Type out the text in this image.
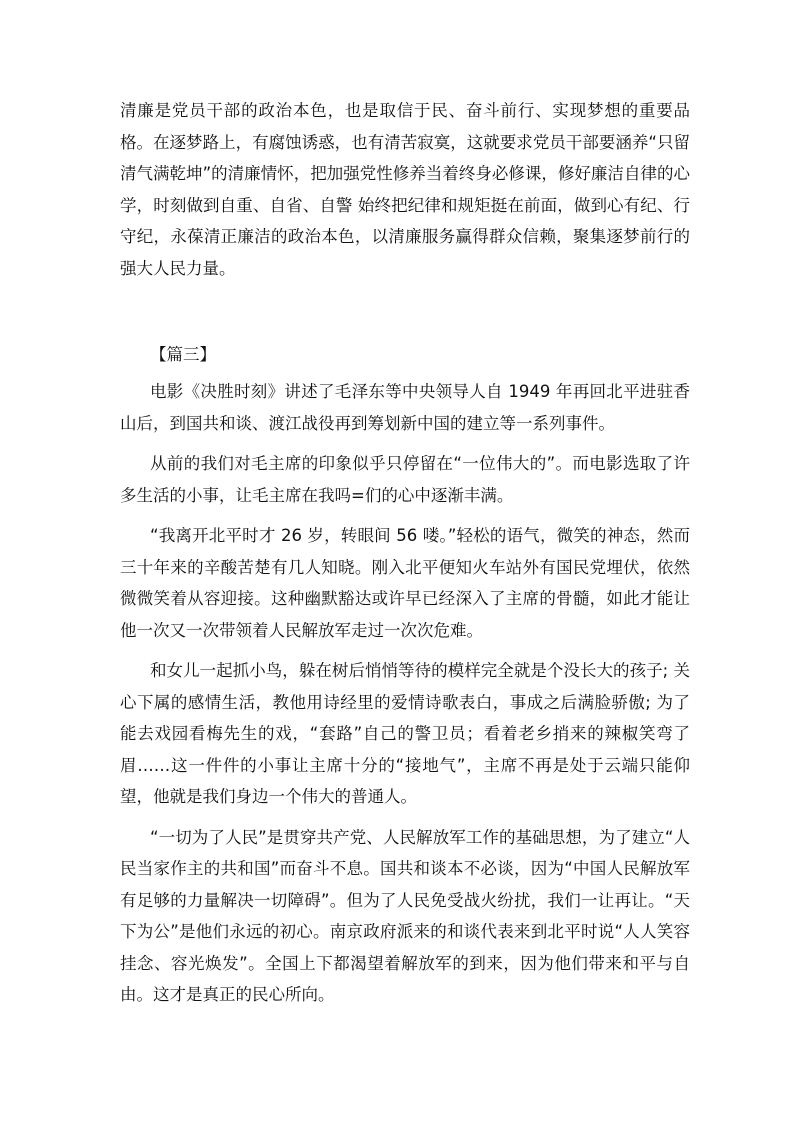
清廉是党员干部的政治本色，也是取信于民、奋斗前行、实现梦想的重要品格。在逐梦路上，有腐蚀诱惑，也有清苦寂寞，这就要求党员干部要涵养“只留清气满乾坤”的清廉情怀，把加强党性修养当着终身必修课，修好廉洁自律的心学，时刻做到自重、自省、自警 始终把纪律和规矩挺在前面，做到心有纪、行守纪，永葆清正廉洁的政治本色，以清廉服务赢得群众信赖，聚集逐梦前行的强大人民力量。

【篇三】

电影《决胜时刻》讲述了毛泽东等中央领导人自 1949 年再回北平进驻香山后，到国共和谈、渡江战役再到筹划新中国的建立等一系列事件。

从前的我们对毛主席的印象似乎只停留在“一位伟大的”。而电影选取了许多生活的小事，让毛主席在我吗=们的心中逐渐丰满。

“我离开北平时才 26 岁，转眼间 56 喽。”轻松的语气，微笑的神态，然而三十年来的辛酸苦楚有几人知晓。刚入北平便知火车站外有国民党埋伏，依然微微笑着从容迎接。这种幽默豁达或许早已经深入了主席的骨髓，如此才能让他一次又一次带领着人民解放军走过一次次危难。

和女儿一起抓小鸟，躲在树后悄悄等待的模样完全就是个没长大的孩子; 关心下属的感情生活，教他用诗经里的爱情诗歌表白，事成之后满脸骄傲; 为了能去戏园看梅先生的戏，“套路”自己的警卫员；看着老乡捎来的辣椒笑弯了眉……这一件件的小事让主席十分的“接地气”，主席不再是处于云端只能仰望，他就是我们身边一个伟大的普通人。

“一切为了人民”是贯穿共产党、人民解放军工作的基础思想，为了建立“人民当家作主的共和国”而奋斗不息。国共和谈本不必谈，因为“中国人民解放军有足够的力量解决一切障碍”。但为了人民免受战火纷扰，我们一让再让。“天下为公”是他们永远的初心。南京政府派来的和谈代表来到北平时说“人人笑容挂念、容光焕发”。全国上下都渴望着解放军的到来，因为他们带来和平与自由。这才是真正的民心所向。
